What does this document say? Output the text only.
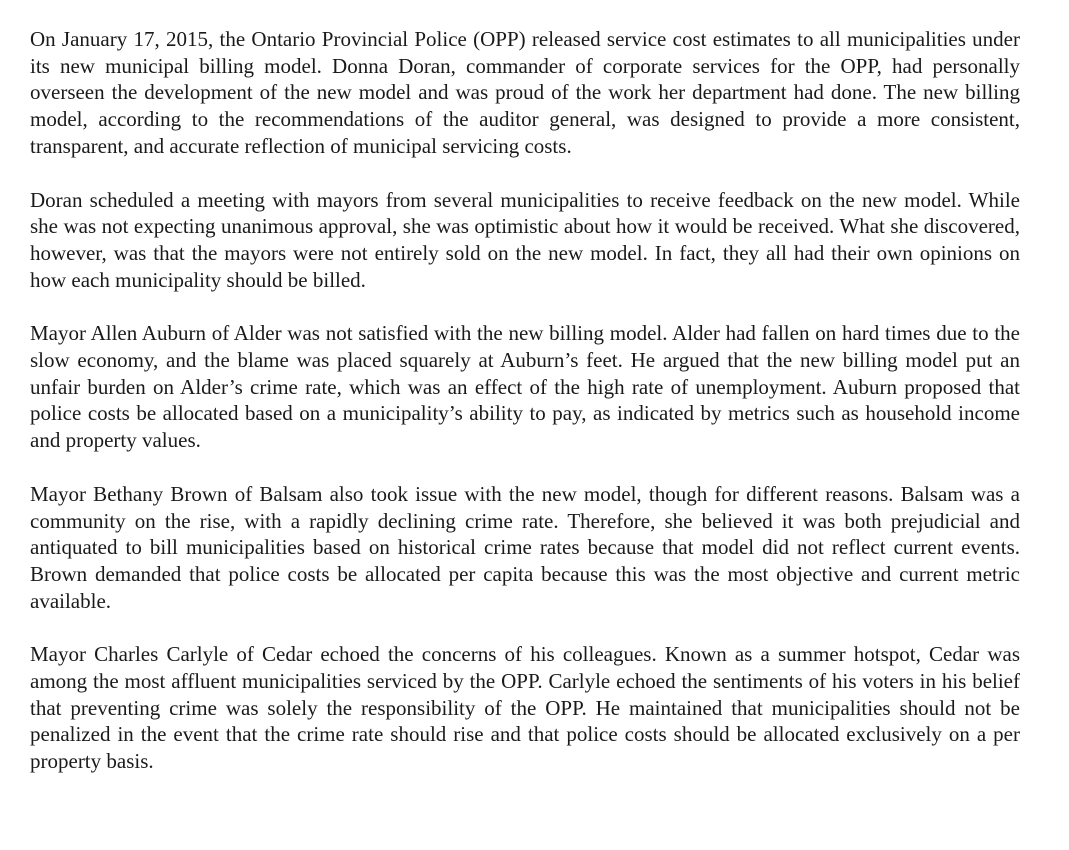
On January 17, 2015, the Ontario Provincial Police (OPP) released service cost estimates to all municipalities under its new municipal billing model. Donna Doran, commander of corporate services for the OPP, had personally overseen the development of the new model and was proud of the work her department had done. The new billing model, according to the recommendations of the auditor general, was designed to provide a more consistent, transparent, and accurate reflection of municipal servicing costs.

Doran scheduled a meeting with mayors from several municipalities to receive feedback on the new model. While she was not expecting unanimous approval, she was optimistic about how it would be received. What she discovered, however, was that the mayors were not entirely sold on the new model. In fact, they all had their own opinions on how each municipality should be billed.

Mayor Allen Auburn of Alder was not satisfied with the new billing model. Alder had fallen on hard times due to the slow economy, and the blame was placed squarely at Auburn’s feet. He argued that the new billing model put an unfair burden on Alder’s crime rate, which was an effect of the high rate of unemployment. Auburn proposed that police costs be allocated based on a municipality’s ability to pay, as indicated by metrics such as household income and property values.

Mayor Bethany Brown of Balsam also took issue with the new model, though for different reasons. Balsam was a community on the rise, with a rapidly declining crime rate. Therefore, she believed it was both prejudicial and antiquated to bill municipalities based on historical crime rates because that model did not reflect current events. Brown demanded that police costs be allocated per capita because this was the most objective and current metric available.

Mayor Charles Carlyle of Cedar echoed the concerns of his colleagues. Known as a summer hotspot, Cedar was among the most affluent municipalities serviced by the OPP. Carlyle echoed the sentiments of his voters in his belief that preventing crime was solely the responsibility of the OPP. He maintained that municipalities should not be penalized in the event that the crime rate should rise and that police costs should be allocated exclusively on a per property basis.
